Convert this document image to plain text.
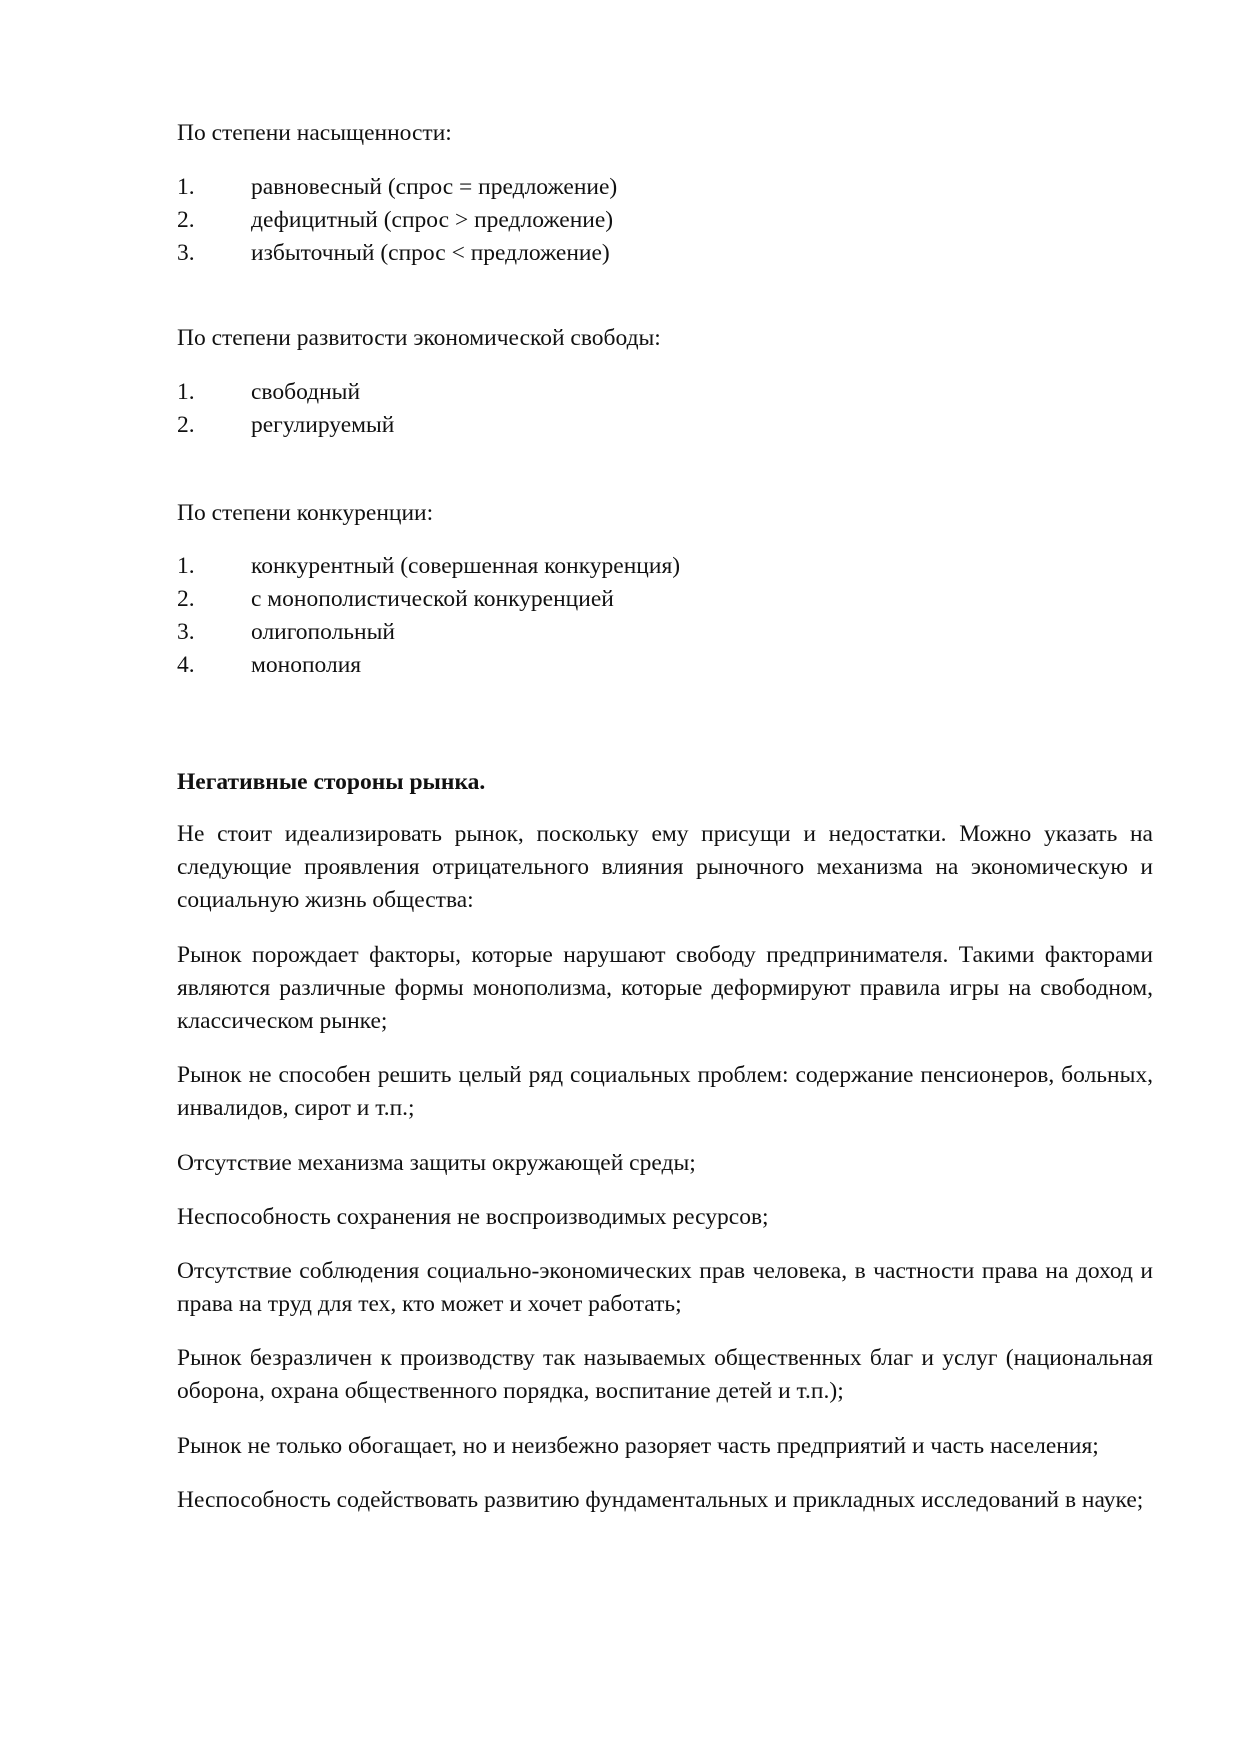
По степени насыщенности:

1. равновесный (спрос = предложение)
2. дефицитный (спрос > предложение)
3. избыточный (спрос < предложение)

По степени развитости экономической свободы:

1. свободный
2. регулируемый

По степени конкуренции:

1. конкурентный (совершенная конкуренция)
2. с монополистической конкуренцией
3. олигопольный
4. монополия

Негативные стороны рынка.

Не стоит идеализировать рынок, поскольку ему присущи и недостатки. Можно указать на следующие проявления отрицательного влияния рыночного механизма на экономическую и социальную жизнь общества:

Рынок порождает факторы, которые нарушают свободу предпринимателя. Такими факторами являются различные формы монополизма, которые деформируют правила игры на свободном, классическом рынке;

Рынок не способен решить целый ряд социальных проблем: содержание пенсионеров, больных, инвалидов, сирот и т.п.;

Отсутствие механизма защиты окружающей среды;

Неспособность сохранения не воспроизводимых ресурсов;

Отсутствие соблюдения социально-экономических прав человека, в частности права на доход и права на труд для тех, кто может и хочет работать;

Рынок безразличен к производству так называемых общественных благ и услуг (национальная оборона, охрана общественного порядка, воспитание детей и т.п.);

Рынок не только обогащает, но и неизбежно разоряет часть предприятий и часть населения;

Неспособность содействовать развитию фундаментальных и прикладных исследований в науке;
